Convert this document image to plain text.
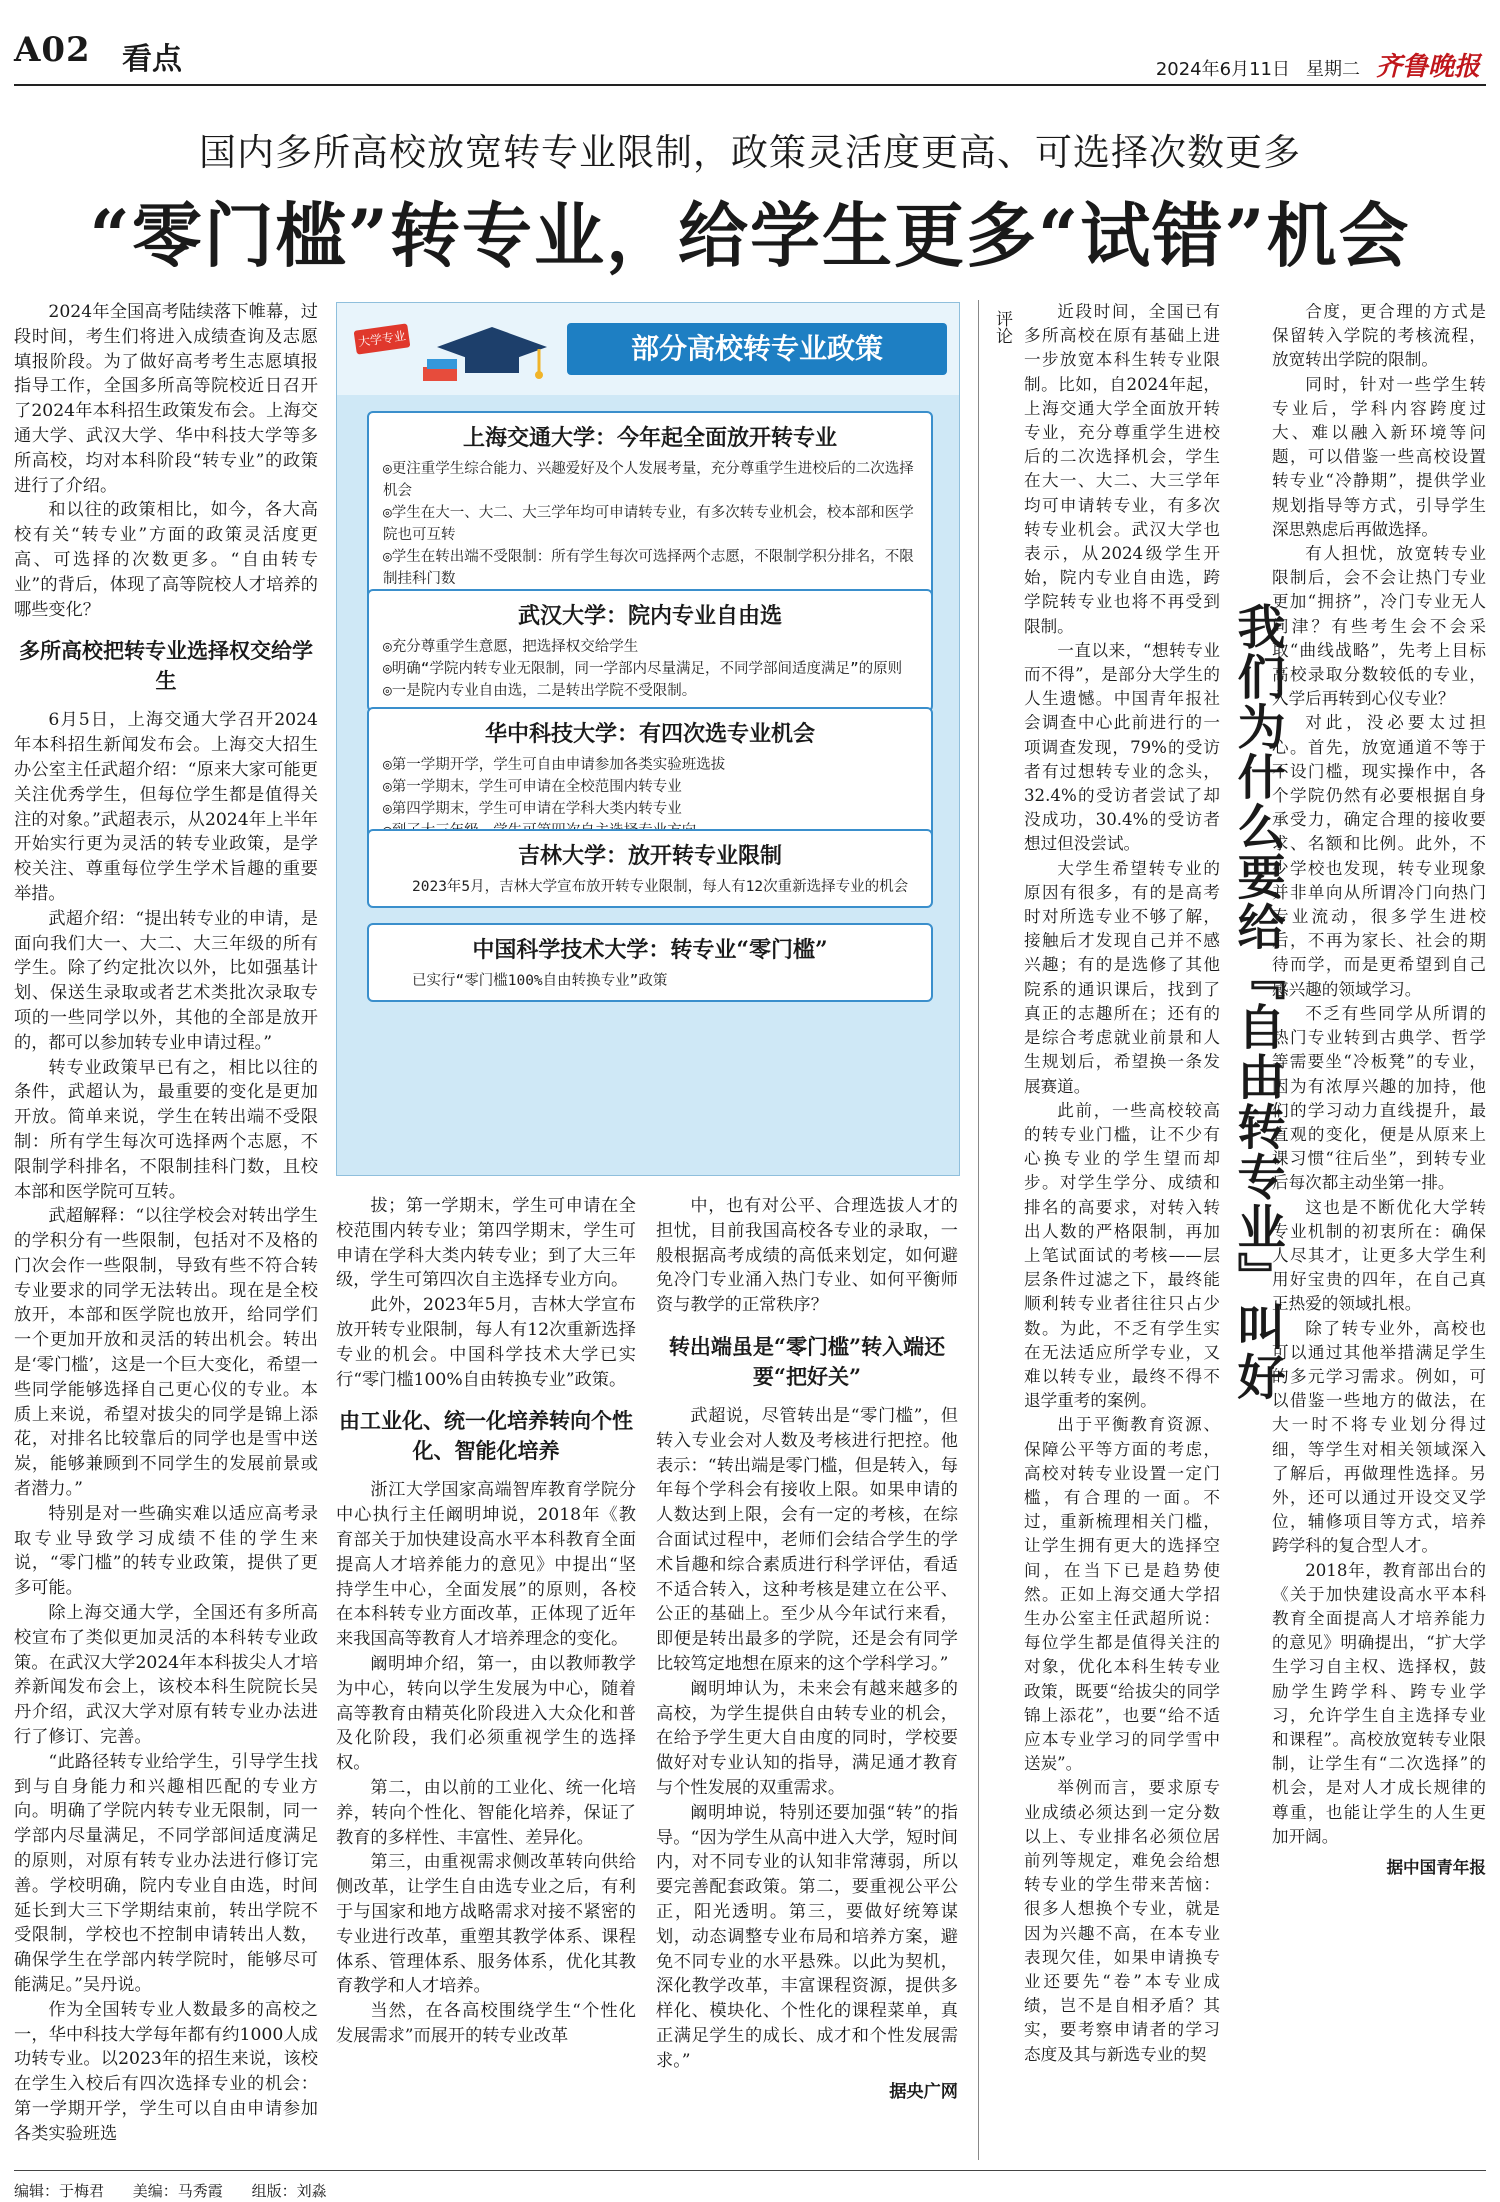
A02 看点	2024年6月11日 星期二 齐鲁晚报
国内多所高校放宽转专业限制，政策灵活度更高、可选择次数更多
“零门槛”转专业，给学生更多“试错”机会

2024年全国高考陆续落下帷幕，过段时间，考生们将进入成绩查询及志愿填报阶段。为了做好高考考生志愿填报指导工作，全国多所高等院校近日召开了2024年本科招生政策发布会。上海交通大学、武汉大学、华中科技大学等多所高校，均对本科阶段“转专业”的政策进行了介绍。

和以往的政策相比，如今，各大高校有关“转专业”方面的政策灵活度更高、可选择的次数更多。“自由转专业”的背后，体现了高等院校人才培养的哪些变化？

多所高校把转专业选择权交给学生

6月5日，上海交通大学召开2024年本科招生新闻发布会。上海交大招生办公室主任武超介绍：“原来大家可能更关注优秀学生，但每位学生都是值得关注的对象。”武超表示，从2024年上半年开始实行更为灵活的转专业政策，是学校关注、尊重每位学生学术旨趣的重要举措。

武超介绍：“提出转专业的申请，是面向我们大一、大二、大三年级的所有学生。除了约定批次以外，比如强基计划、保送生录取或者艺术类批次录取专项的一些同学以外，其他的全部是放开的，都可以参加转专业申请过程。”

转专业政策早已有之，相比以往的条件，武超认为，最重要的变化是更加开放。简单来说，学生在转出端不受限制：所有学生每次可选择两个志愿，不限制学科排名，不限制挂科门数，且校本部和医学院可互转。

武超解释：“以往学校会对转出学生的学积分有一些限制，包括对不及格的门次会作一些限制，导致有些不符合转专业要求的同学无法转出。现在是全校放开，本部和医学院也放开，给同学们一个更加开放和灵活的转出机会。转出是‘零门槛’，这是一个巨大变化，希望一些同学能够选择自己更心仪的专业。本质上来说，希望对拔尖的同学是锦上添花，对排名比较靠后的同学也是雪中送炭，能够兼顾到不同学生的发展前景或者潜力。”

特别是对一些确实难以适应高考录取专业导致学习成绩不佳的学生来说，“零门槛”的转专业政策，提供了更多可能。

除上海交通大学，全国还有多所高校宣布了类似更加灵活的本科转专业政策。在武汉大学2024年本科拔尖人才培养新闻发布会上，该校本科生院院长吴丹介绍，武汉大学对原有转专业办法进行了修订、完善。

“此路径转专业给学生，引导学生找到与自身能力和兴趣相匹配的专业方向。明确了学院内转专业无限制，同一学部内尽量满足，不同学部间适度满足的原则，对原有转专业办法进行修订完善。学校明确，院内专业自由选，时间延长到大三下学期结束前，转出学院不受限制，学校也不控制申请转出人数，确保学生在学部内转学院时，能够尽可能满足。”吴丹说。

作为全国转专业人数最多的高校之一，华中科技大学每年都有约1000人成功转专业。以2023年的招生来说，该校在学生入校后有四次选择专业的机会：第一学期开学，学生可以自由申请参加各类实验班选

大学专业	部分高校转专业政策
上海交通大学：今年起全面放开转专业
◎更注重学生综合能力、兴趣爱好及个人发展考量，充分尊重学生进校后的二次选择机会
◎学生在大一、大二、大三学年均可申请转专业，有多次转专业机会，校本部和医学院也可互转
◎学生在转出端不受限制：所有学生每次可选择两个志愿，不限制学积分排名，不限制挂科门数
武汉大学：院内专业自由选
◎充分尊重学生意愿，把选择权交给学生
◎明确“学院内转专业无限制，同一学部内尽量满足，不同学部间适度满足”的原则
◎一是院内专业自由选，二是转出学院不受限制。
华中科技大学：有四次选专业机会
◎第一学期开学，学生可自由申请参加各类实验班选拔
◎第一学期末，学生可申请在全校范围内转专业
◎第四学期末，学生可申请在学科大类内转专业
吉林大学：放开转专业限制
2023年5月，吉林大学宣布放开转专业限制，每人有12次重新选择专业的机会
中国科学技术大学：转专业“零门槛”
已实行“零门槛100%自由转换专业”政策

拔；第一学期末，学生可申请在全校范围内转专业；第四学期末，学生可申请在学科大类内转专业；到了大三年级，学生可第四次自主选择专业方向。

此外，2023年5月，吉林大学宣布放开转专业限制，每人有12次重新选择专业的机会。中国科学技术大学已实行“零门槛100%自由转换专业”政策。

由工业化、统一化培养转向个性化、智能化培养

浙江大学国家高端智库教育学院分中心执行主任阚明坤说，2018年《教育部关于加快建设高水平本科教育全面提高人才培养能力的意见》中提出“坚持学生中心，全面发展”的原则，各校在本科转专业方面改革，正体现了近年来我国高等教育人才培养理念的变化。

阚明坤介绍，第一，由以教师教学为中心，转向以学生发展为中心，随着高等教育由精英化阶段进入大众化和普及化阶段，我们必须重视学生的选择权。

第二，由以前的工业化、统一化培养，转向个性化、智能化培养，保证了教育的多样性、丰富性、差异化。

第三，由重视需求侧改革转向供给侧改革，让学生自由选专业之后，有利于与国家和地方战略需求对接不紧密的专业进行改革，重塑其教学体系、课程体系、管理体系、服务体系，优化其教育教学和人才培养。

当然，在各高校围绕学生“个性化发展需求”而展开的转专业改革

中，也有对公平、合理选拔人才的担忧，目前我国高校各专业的录取，一般根据高考成绩的高低来划定，如何避免冷门专业涌入热门专业、如何平衡师资与教学的正常秩序？

转出端虽是“零门槛”转入端还要“把好关”

武超说，尽管转出是“零门槛”，但转入专业会对人数及考核进行把控。他表示：“转出端是零门槛，但是转入，每年每个学科会有接收上限。如果申请的人数达到上限，会有一定的考核，在综合面试过程中，老师们会结合学生的学术旨趣和综合素质进行科学评估，看适不适合转入，这种考核是建立在公平、公正的基础上。至少从今年试行来看，即便是转出最多的学院，还是会有同学比较笃定地想在原来的这个学科学习。”

阚明坤认为，未来会有越来越多的高校，为学生提供自由转专业的机会，在给予学生更大自由度的同时，学校要做好对专业认知的指导，满足通才教育与个性发展的双重需求。

阚明坤说，特别还要加强“转”的指导。“因为学生从高中进入大学，短时间内，对不同专业的认知非常薄弱，所以要完善配套政策。第二，要重视公平公正，阳光透明。第三，要做好统筹谋划，动态调整专业布局和培养方案，避免不同专业的水平悬殊。以此为契机，深化教学改革，丰富课程资源，提供多样化、模块化、个性化的课程菜单，真正满足学生的成长、成才和个性发展需求。”

据央广网

评论	近段时间，全国已有多所高校在原有基础上进一步放宽本科生转专业限制。比如，自2024年起，上海交通大学全面放开转专业，充分尊重学生进校后的二次选择机会，学生在大一、大二、大三学年均可申请转专业，有多次转专业机会。武汉大学也表示，从2024级学生开始，院内专业自由选，跨学院转专业也将不再受到限制。

一直以来，“想转专业而不得”，是部分大学生的人生遗憾。中国青年报社会调查中心此前进行的一项调查发现，79%的受访者有过想转专业的念头，32.4%的受访者尝试了却没成功，30.4%的受访者想过但没尝试。

大学生希望转专业的原因有很多，有的是高考时对所选专业不够了解，接触后才发现自己并不感兴趣；有的是选修了其他院系的通识课后，找到了真正的志趣所在；还有的是综合考虑就业前景和人生规划后，希望换一条发展赛道。

此前，一些高校较高的转专业门槛，让不少有心换专业的学生望而却步。对学生学分、成绩和排名的高要求，对转入转出人数的严格限制，再加上笔试面试的考核——层层条件过滤之下，最终能顺利转专业者往往只占少数。为此，不乏有学生实在无法适应所学专业，又难以转专业，最终不得不退学重考的案例。

出于平衡教育资源、保障公平等方面的考虑，高校对转专业设置一定门槛，有合理的一面。不过，重新梳理相关门槛，让学生拥有更大的选择空间，在当下已是趋势使然。正如上海交通大学招生办公室主任武超所说：每位学生都是值得关注的对象，优化本科生转专业政策，既要“给拔尖的同学锦上添花”，也要“给不适应本专业学习的同学雪中送炭”。

举例而言，要求原专业成绩必须达到一定分数以上、专业排名必须位居前列等规定，难免会给想转专业的学生带来苦恼：很多人想换个专业，就是因为兴趣不高，在本专业表现欠佳，如果申请换专业还要先“卷”本专业成绩，岂不是自相矛盾？其实，要考察申请者的学习态度及其与新选专业的契

我们为什么要给『自由转专业』叫好

合度，更合理的方式是保留转入学院的考核流程，放宽转出学院的限制。

同时，针对一些学生转专业后，学科内容跨度过大、难以融入新环境等问题，可以借鉴一些高校设置转专业“冷静期”，提供学业规划指导等方式，引导学生深思熟虑后再做选择。

有人担忧，放宽转专业限制后，会不会让热门专业更加“拥挤”，冷门专业无人问津？有些考生会不会采取“曲线战略”，先考上目标高校录取分数较低的专业，入学后再转到心仪专业？

对此，没必要太过担心。首先，放宽通道不等于不设门槛，现实操作中，各个学院仍然有必要根据自身承受力，确定合理的接收要求、名额和比例。此外，不少学校也发现，转专业现象并非单向从所谓冷门向热门专业流动，很多学生进校后，不再为家长、社会的期待而学，而是更希望到自己感兴趣的领域学习。

不乏有些同学从所谓的热门专业转到古典学、哲学等需要坐“冷板凳”的专业，因为有浓厚兴趣的加持，他们的学习动力直线提升，最直观的变化，便是从原来上课习惯“往后坐”，到转专业后每次都主动坐第一排。

这也是不断优化大学转专业机制的初衷所在：确保人尽其才，让更多大学生利用好宝贵的四年，在自己真正热爱的领域扎根。

除了转专业外，高校也可以通过其他举措满足学生的多元学习需求。例如，可以借鉴一些地方的做法，在大一时不将专业划分得过细，等学生对相关领域深入了解后，再做理性选择。另外，还可以通过开设交叉学位，辅修项目等方式，培养跨学科的复合型人才。

2018年，教育部出台的《关于加快建设高水平本科教育全面提高人才培养能力的意见》明确提出，“扩大学生学习自主权、选择权，鼓励学生跨学科、跨专业学习，允许学生自主选择专业和课程”。高校放宽转专业限制，让学生有“二次选择”的机会，是对人才成长规律的尊重，也能让学生的人生更加开阔。

据中国青年报

编辑：于梅君 美编：马秀霞 组版：刘淼
